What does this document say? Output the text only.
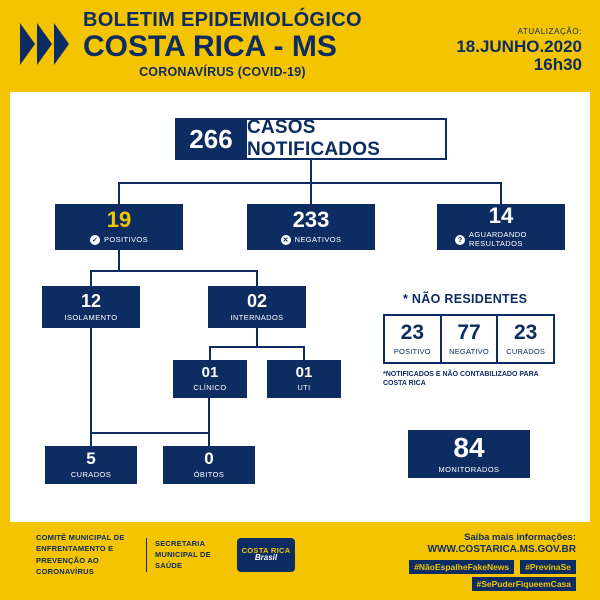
BOLETIM EPIDEMIOLÓGICO
COSTA RICA - MS
CORONAVÍRUS (COVID-19)
ATUALIZAÇÃO:
18.JUNHO.2020
16h30
266 CASOS NOTIFICADOS
19
✓ POSITIVOS
233
✕ NEGATIVOS
14
?
AGUARDANDO RESULTADOS
12
ISOLAMENTO
02
INTERNADOS
01
CLÍNICO
01
UTI
5
CURADOS
0
ÓBITOS
* NÃO RESIDENTES
23
POSITIVO
77
NEGATIVO
23
CURADOS
*NOTIFICADOS E NÃO CONTABILIZADO PARA COSTA RICA
84
MONITORADOS
COMITÊ MUNICIPAL DE ENFRENTAMENTO E PREVENÇÃO AO CORONAVÍRUS
SECRETARIA MUNICIPAL DE SAÚDE
COSTA RICA
Brasil
Saiba mais informações:
WWW.COSTARICA.MS.GOV.BR
#NãoEspalheFakeNews	#PrevinaSe
#SePuderFiqueemCasa
